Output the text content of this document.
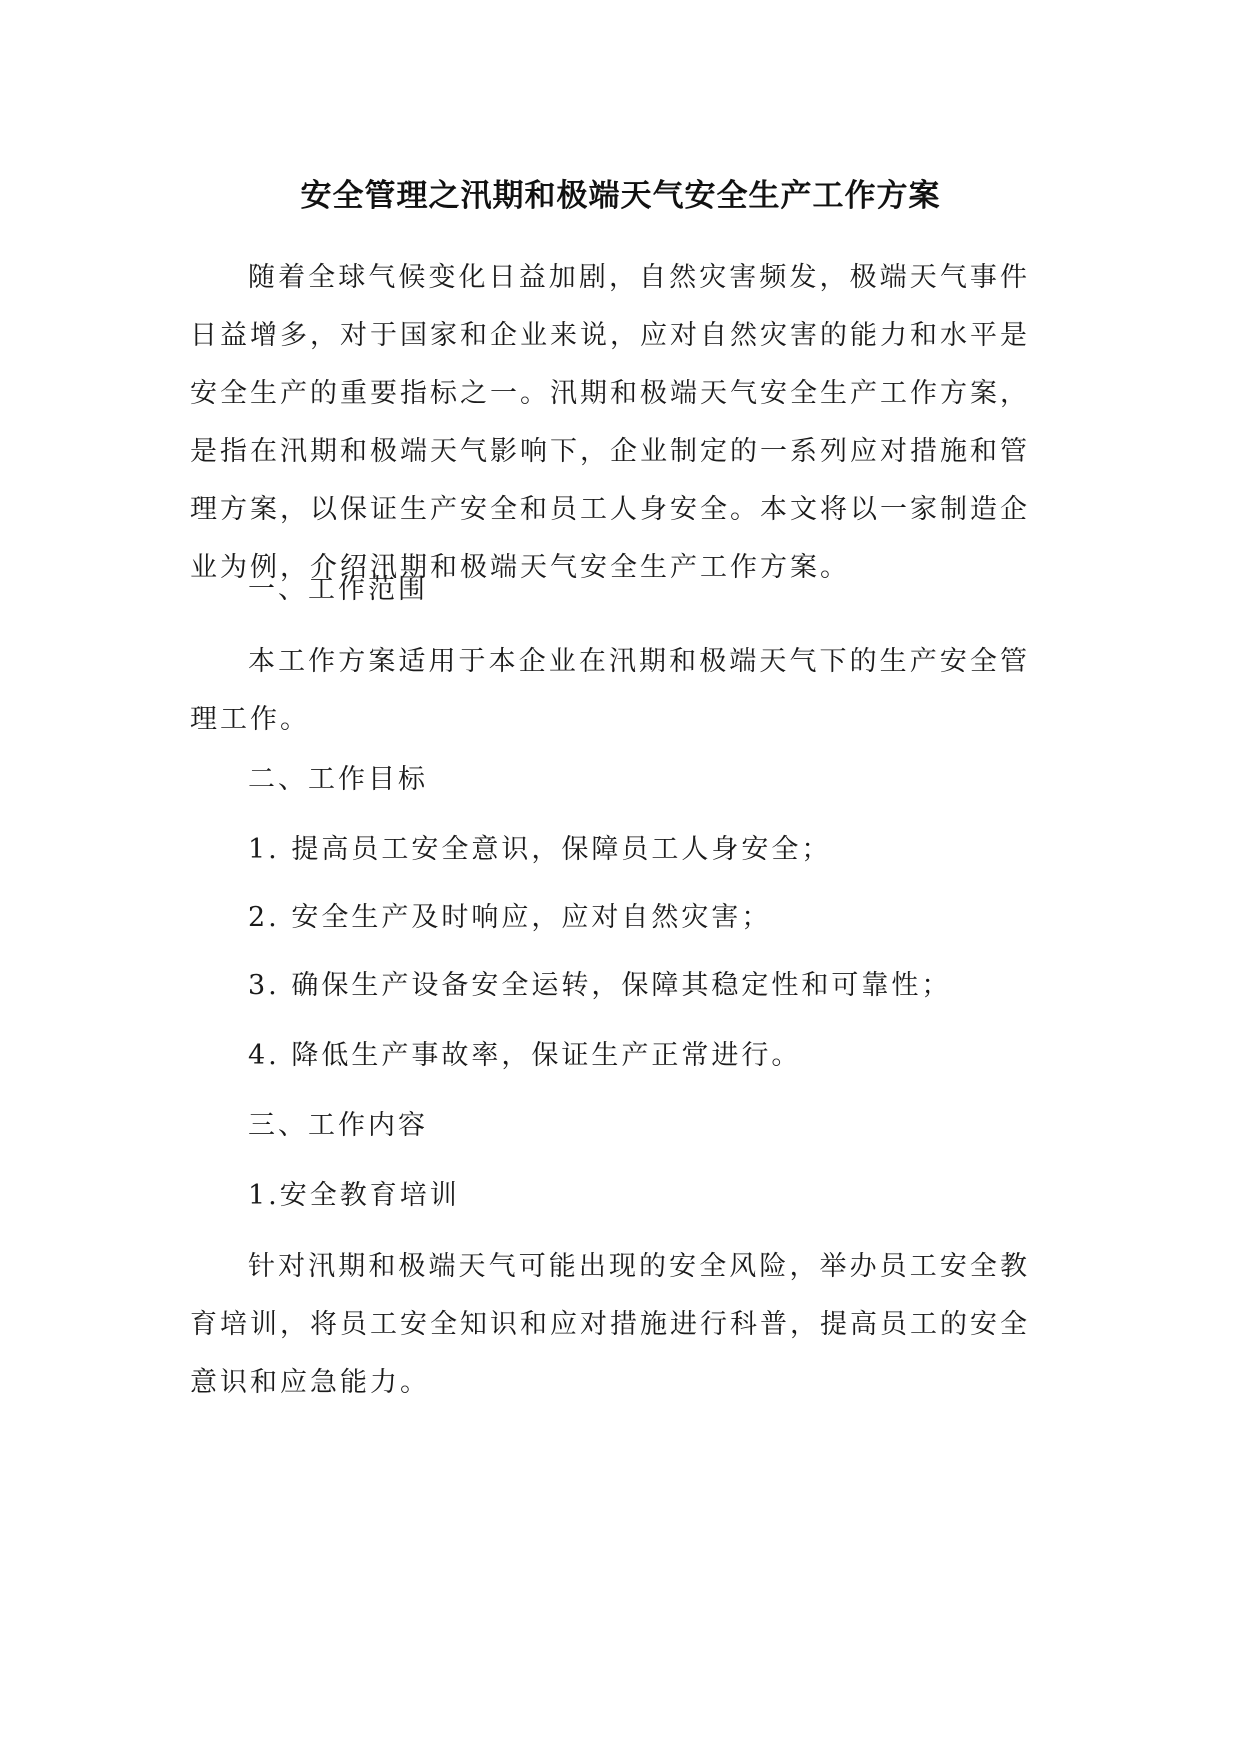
安全管理之汛期和极端天气安全生产工作方案

随着全球气候变化日益加剧，自然灾害频发，极端天气事件日益增多，对于国家和企业来说，应对自然灾害的能力和水平是安全生产的重要指标之一。汛期和极端天气安全生产工作方案，是指在汛期和极端天气影响下，企业制定的一系列应对措施和管理方案，以保证生产安全和员工人身安全。本文将以一家制造企业为例，介绍汛期和极端天气安全生产工作方案。

一、工作范围

本工作方案适用于本企业在汛期和极端天气下的生产安全管理工作。

二、工作目标
1. 提高员工安全意识，保障员工人身安全；
2. 安全生产及时响应，应对自然灾害；
3. 确保生产设备安全运转，保障其稳定性和可靠性；
4. 降低生产事故率，保证生产正常进行。
三、工作内容
1.安全教育培训

针对汛期和极端天气可能出现的安全风险，举办员工安全教育培训，将员工安全知识和应对措施进行科普，提高员工的安全意识和应急能力。
